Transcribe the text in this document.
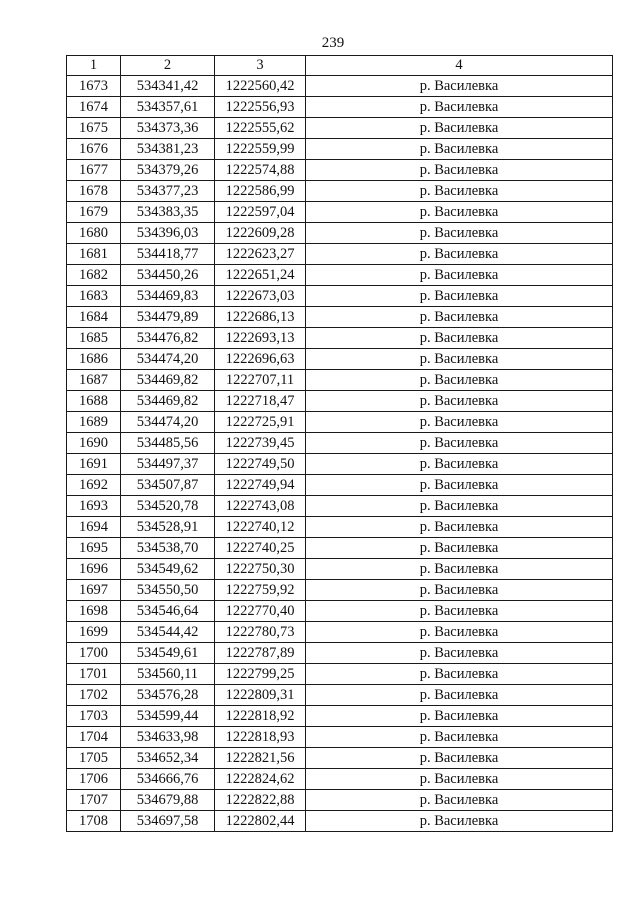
239
1	2	3	4
1673	534341,42	1222560,42	р. Василевка
1674	534357,61	1222556,93	р. Василевка
1675	534373,36	1222555,62	р. Василевка
1676	534381,23	1222559,99	р. Василевка
1677	534379,26	1222574,88	р. Василевка
1678	534377,23	1222586,99	р. Василевка
1679	534383,35	1222597,04	р. Василевка
1680	534396,03	1222609,28	р. Василевка
1681	534418,77	1222623,27	р. Василевка
1682	534450,26	1222651,24	р. Василевка
1683	534469,83	1222673,03	р. Василевка
1684	534479,89	1222686,13	р. Василевка
1685	534476,82	1222693,13	р. Василевка
1686	534474,20	1222696,63	р. Василевка
1687	534469,82	1222707,11	р. Василевка
1688	534469,82	1222718,47	р. Василевка
1689	534474,20	1222725,91	р. Василевка
1690	534485,56	1222739,45	р. Василевка
1691	534497,37	1222749,50	р. Василевка
1692	534507,87	1222749,94	р. Василевка
1693	534520,78	1222743,08	р. Василевка
1694	534528,91	1222740,12	р. Василевка
1695	534538,70	1222740,25	р. Василевка
1696	534549,62	1222750,30	р. Василевка
1697	534550,50	1222759,92	р. Василевка
1698	534546,64	1222770,40	р. Василевка
1699	534544,42	1222780,73	р. Василевка
1700	534549,61	1222787,89	р. Василевка
1701	534560,11	1222799,25	р. Василевка
1702	534576,28	1222809,31	р. Василевка
1703	534599,44	1222818,92	р. Василевка
1704	534633,98	1222818,93	р. Василевка
1705	534652,34	1222821,56	р. Василевка
1706	534666,76	1222824,62	р. Василевка
1707	534679,88	1222822,88	р. Василевка
1708	534697,58	1222802,44	р. Василевка
